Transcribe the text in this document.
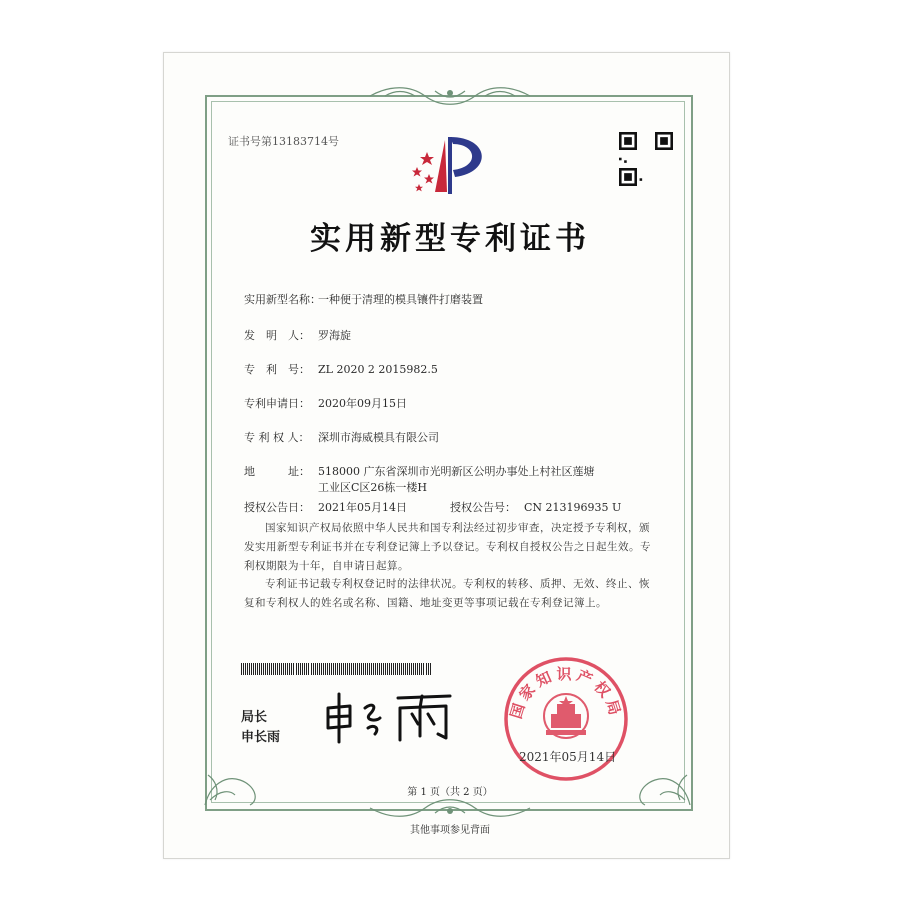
证书号第13183714号
实用新型专利证书
实用新型名称：
一种便于清理的模具镶件打磨装置
发　明　人： 罗海旋
专　利　号： ZL 2020 2 2015982.5
专利申请日： 2020年09月15日
专 利 权 人： 深圳市海威模具有限公司
地　　　址： 518000 广东省深圳市光明新区公明办事处上村社区莲塘
工业区C区26栋一楼H
授权公告日： 2021年05月14日	授权公告号： CN 213196935 U
国家知识产权局依照中华人民共和国专利法经过初步审查，决定授予专利权，颁发实用新型专利证书并在专利登记簿上予以登记。专利权自授权公告之日起生效。专利权期限为十年，自申请日起算。
专利证书记载专利权登记时的法律状况。专利权的转移、质押、无效、终止、恢复和专利权人的姓名或名称、国籍、地址变更等事项记载在专利登记簿上。
局长
申长雨
国家知识产权局
2021年05月14日
第 1 页（共 2 页）
其他事项参见背面
